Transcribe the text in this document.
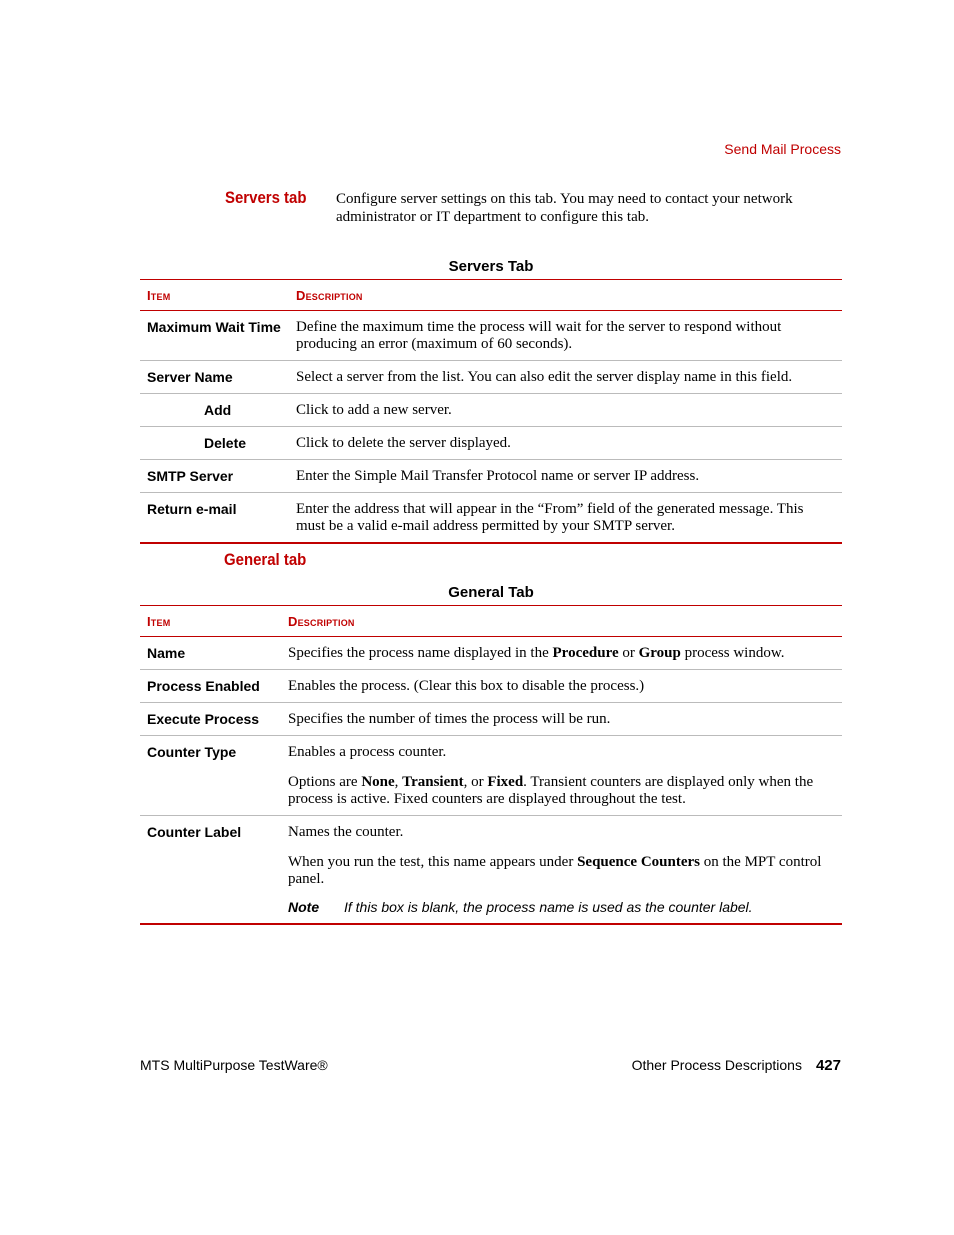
Send Mail Process
Servers tab Configure server settings on this tab. You may need to contact your network administrator or IT department to configure this tab.
Servers Tab
Item	Description
Maximum Wait Time	Define the maximum time the process will wait for the server to respond without producing an error (maximum of 60 seconds).
Server Name	Select a server from the list. You can also edit the server display name in this field.
Add	Click to add a new server.
Delete	Click to delete the server displayed.
SMTP Server	Enter the Simple Mail Transfer Protocol name or server IP address.
Return e-mail	Enter the address that will appear in the “From” field of the generated message. This must be a valid e-mail address permitted by your SMTP server.
General tab
General Tab
Item	Description
Name	Specifies the process name displayed in the Procedure or Group process window.
Process Enabled	Enables the process. (Clear this box to disable the process.)
Execute Process	Specifies the number of times the process will be run.
Counter Type	Enables a process counter.

Options are None, Transient, or Fixed. Transient counters are displayed only when the process is active. Fixed counters are displayed throughout the test.

Counter Label	Names the counter.

When you run the test, this name appears under Sequence Counters on the MPT control panel.

Note If this box is blank, the process name is used as the counter label.
MTS MultiPurpose TestWare®	Other Process Descriptions 427
